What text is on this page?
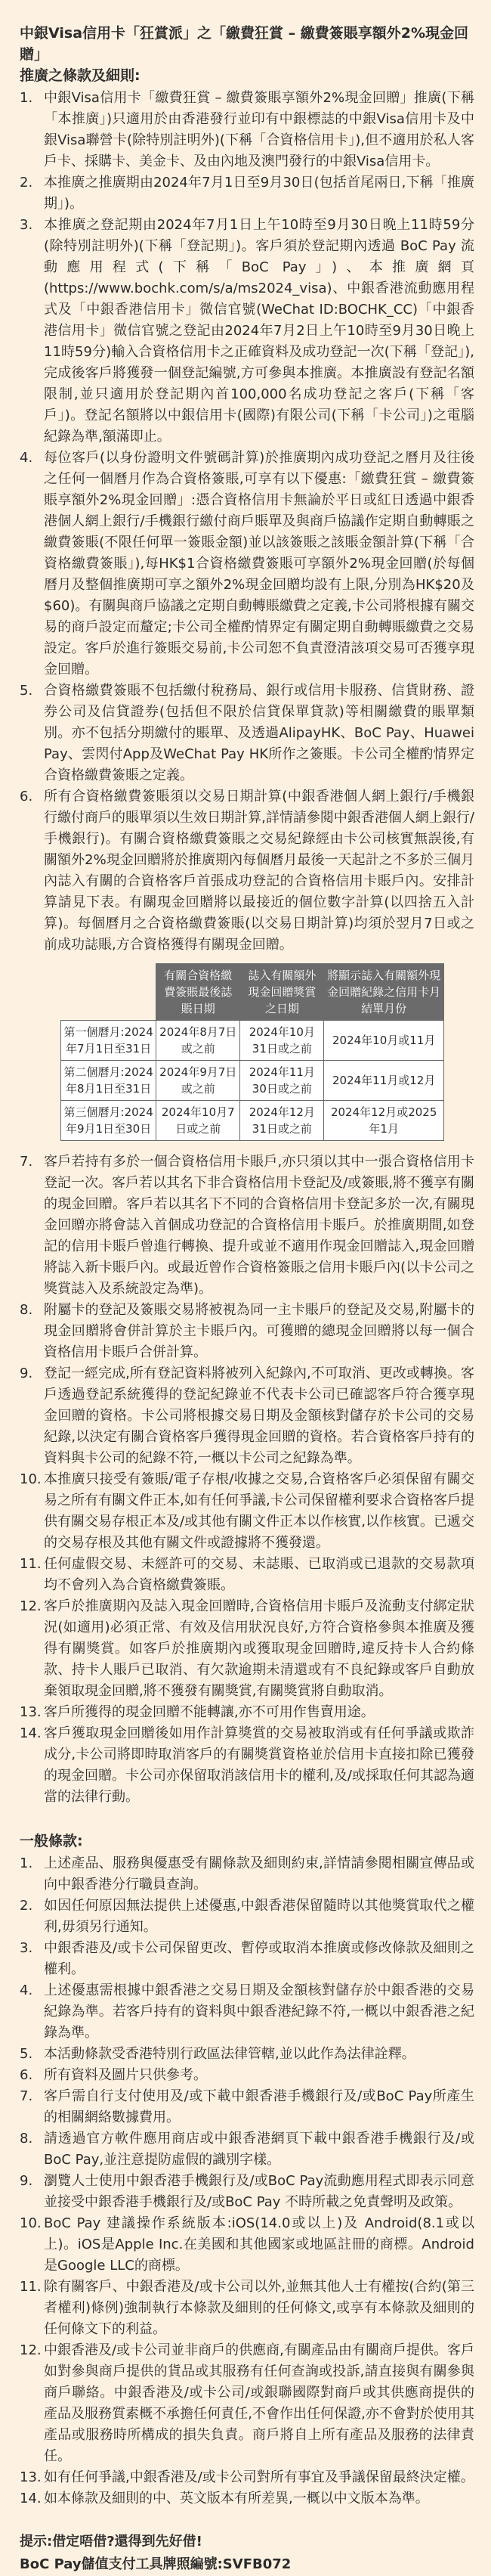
中銀Visa信用卡「狂賞派」之「繳費狂賞 – 繳費簽賬享額外2%現金回贈」

推廣之條款及細則:

1. 中銀Visa信用卡「繳費狂賞 – 繳費簽賬享額外2%現金回贈」推廣(下稱「本推廣」)只適用於由香港發行並印有中銀標誌的中銀Visa信用卡及中銀Visa聯營卡(除特別註明外)(下稱「合資格信用卡」),但不適用於私人客戶卡、採購卡、美金卡、及由內地及澳門發行的中銀Visa信用卡。
2. 本推廣之推廣期由2024年7月1日至9月30日(包括首尾兩日,下稱「推廣期」)。
3. 本推廣之登記期由2024年7月1日上午10時至9月30日晚上11時59分(除特別註明外)(下稱「登記期」)。客戶須於登記期內透過 BoC Pay 流動應用程式(下稱「BoC Pay」)、本推廣網頁(https://www.bochk.com/s/a/ms2024_visa)、中銀香港流動應用程式及「中銀香港信用卡」微信官號(WeChat ID:BOCHK_CC)「中銀香港信用卡」微信官號之登記由2024年7月2日上午10時至9月30日晚上11時59分)輸入合資格信用卡之正確資料及成功登記一次(下稱「登記」),完成後客戶將獲發一個登記編號,方可參與本推廣。本推廣設有登記名額限制,並只適用於登記期內首100,000名成功登記之客戶(下稱「客戶」)。登記名額將以中銀信用卡(國際)有限公司(下稱「卡公司」)之電腦紀錄為準,額滿即止。
4. 每位客戶(以身份證明文件號碼計算)於推廣期內成功登記之曆月及往後之任何一個曆月作為合資格簽賬,可享有以下優惠:「繳費狂賞 – 繳費簽賬享額外2%現金回贈」:憑合資格信用卡無論於平日或紅日透過中銀香港個人網上銀行/手機銀行繳付商戶賬單及與商戶協議作定期自動轉賬之繳費簽賬(不限任何單一簽賬金額)並以該簽賬之該賬金額計算(下稱「合資格繳費簽賬」),每HK$1合資格繳費簽賬可享額外2%現金回贈(於每個曆月及整個推廣期可享之額外2%現金回贈均設有上限,分別為HK$20及$60)。有關與商戶協議之定期自動轉賬繳費之定義,卡公司將根據有關交易的商戶設定而釐定;卡公司全權酌情界定有關定期自動轉賬繳費之交易設定。客戶於進行簽賬交易前,卡公司恕不負責澄清該項交易可否獲享現金回贈。
5. 合資格繳費簽賬不包括繳付稅務局、銀行或信用卡服務、信貨財務、證券公司及信貸證券(包括但不限於信貸保單貸款)等相關繳費的賬單類別。亦不包括分期繳付的賬單、及透過AlipayHK、BoC Pay、Huawei Pay、雲閃付App及WeChat Pay HK所作之簽賬。卡公司全權酌情界定合資格繳費簽賬之定義。
6. 所有合資格繳費簽賬須以交易日期計算(中銀香港個人網上銀行/手機銀行繳付商戶的賬單須以生效日期計算,詳情請參閱中銀香港個人網上銀行/手機銀行)。有關合資格繳費簽賬之交易紀錄經由卡公司核實無誤後,有關額外2%現金回贈將於推廣期內每個曆月最後一天起計之不多於三個月內誌入有關的合資格客戶首張成功登記的合資格信用卡賬戶內。安排計算請見下表。有關現金回贈將以最接近的個位數字計算(以四捨五入計算)。每個曆月之合資格繳費簽賬(以交易日期計算)均須於翌月7日或之前成功誌賬,方合資格獲得有關現金回贈。
	有關合資格繳費簽賬最後誌賬日期	誌入有關額外現金回贈獎賞之日期	將顯示誌入有關額外現金回贈紀錄之信用卡月結單月份
第一個曆月:2024年7月1日至31日	2024年8月7日或之前	2024年10月31日或之前	2024年10月或11月
第二個曆月:2024年8月1日至31日	2024年9月7日或之前	2024年11月30日或之前	2024年11月或12月
第三個曆月:2024年9月1日至30日	2024年10月7日或之前	2024年12月31日或之前	2024年12月或2025年1月
7. 客戶若持有多於一個合資格信用卡賬戶,亦只須以其中一張合資格信用卡登記一次。客戶若以其名下非合資格信用卡登記及/或簽賬,將不獲享有關的現金回贈。客戶若以其名下不同的合資格信用卡登記多於一次,有關現金回贈亦將會誌入首個成功登記的合資格信用卡賬戶。於推廣期間,如登記的信用卡賬戶曾進行轉換、提升或並不適用作現金回贈誌入,現金回贈將誌入新卡賬戶內。或最近曾作合資格簽賬之信用卡賬戶內(以卡公司之獎賞誌入及系統設定為準)。
8. 附屬卡的登記及簽賬交易將被視為同一主卡賬戶的登記及交易,附屬卡的現金回贈將會併計算於主卡賬戶內。可獲贈的總現金回贈將以每一個合資格信用卡賬戶合併計算。
9. 登記一經完成,所有登記資料將被列入紀錄內,不可取消、更改或轉換。客戶透過登記系統獲得的登記紀錄並不代表卡公司已確認客戶符合獲享現金回贈的資格。卡公司將根據交易日期及金額核對儲存於卡公司的交易紀錄,以決定有關合資格客戶獲得現金回贈的資格。若合資格客戶持有的資料與卡公司的紀錄不符,一概以卡公司之紀錄為準。
10. 本推廣只接受有簽賬/電子存根/收據之交易,合資格客戶必須保留有關交易之所有有關文件正本,如有任何爭議,卡公司保留權利要求合資格客戶提供有關交易存根正本及/或其他有關文件正本以作核實,以作核實。已遞交的交易存根及其他有關文件或證據將不獲發還。
11. 任何虛假交易、未經許可的交易、未誌賬、已取消或已退款的交易款項均不會列入為合資格繳費簽賬。
12. 客戶於推廣期內及誌入現金回贈時,合資格信用卡賬戶及流動支付綁定狀況(如適用)必須正常、有效及信用狀況良好,方符合資格參與本推廣及獲得有關獎賞。如客戶於推廣期內或獲取現金回贈時,違反持卡人合約條款、持卡人賬戶已取消、有欠款逾期未清還或有不良紀錄或客戶自動放棄領取現金回贈,將不獲發有關獎賞,有關獎賞將自動取消。
13. 客戶所獲得的現金回贈不能轉讓,亦不可用作售賣用途。
14. 客戶獲取現金回贈後如用作計算獎賞的交易被取消或有任何爭議或欺詐成分,卡公司將即時取消客戶的有關獎賞資格並於信用卡直接扣除已獲發的現金回贈。卡公司亦保留取消該信用卡的權利,及/或採取任何其認為適當的法律行動。

一般條款:

1. 上述產品、服務與優惠受有關條款及細則約束,詳情請參閱相關宣傳品或向中銀香港分行職員查詢。
2. 如因任何原因無法提供上述優惠,中銀香港保留隨時以其他獎賞取代之權利,毋須另行通知。
3. 中銀香港及/或卡公司保留更改、暫停或取消本推廣或修改條款及細則之權利。
4. 上述優惠需根據中銀香港之交易日期及金額核對儲存於中銀香港的交易紀錄為準。若客戶持有的資料與中銀香港紀錄不符,一概以中銀香港之紀錄為準。
5. 本活動條款受香港特別行政區法律管轄,並以此作為法律詮釋。
6. 所有資料及圖片只供參考。
7. 客戶需自行支付使用及/或下載中銀香港手機銀行及/或BoC Pay所產生的相關網絡數據費用。
8. 請透過官方軟件應用商店或中銀香港網頁下載中銀香港手機銀行及/或BoC Pay,並注意提防虛假的識別字樣。
9. 瀏覽人士使用中銀香港手機銀行及/或BoC Pay流動應用程式即表示同意並接受中銀香港手機銀行及/或BoC Pay 不時所載之免責聲明及政策。
10. BoC Pay 建議操作系統版本:iOS(14.0或以上)及 Android(8.1或以上)。iOS是Apple Inc.在美國和其他國家或地區註冊的商標。Android是Google LLC的商標。
11. 除有關客戶、中銀香港及/或卡公司以外,並無其他人士有權按(合約(第三者權利)條例)強制執行本條款及細則的任何條文,或享有本條款及細則的任何條文下的利益。
12. 中銀香港及/或卡公司並非商戶的供應商,有關產品由有關商戶提供。客戶如對參與商戶提供的貨品或其服務有任何查詢或投訴,請直接與有關參與商戶聯絡。中銀香港及/或卡公司/或銀聯國際對商戶或其供應商提供的產品及服務質素概不承擔任何責任,不會作出任何保證,亦不會對於使用其產品或服務時所構成的損失負責。商戶將自上所有產品及服務的法律責任。
13. 如有任何爭議,中銀香港及/或卡公司對所有事宜及爭議保留最終決定權。
14. 如本條款及細則的中、英文版本有所差異,一概以中文版本為準。
提示:借定唔借?還得到先好借!
BoC Pay儲值支付工具牌照編號:SVFB072
